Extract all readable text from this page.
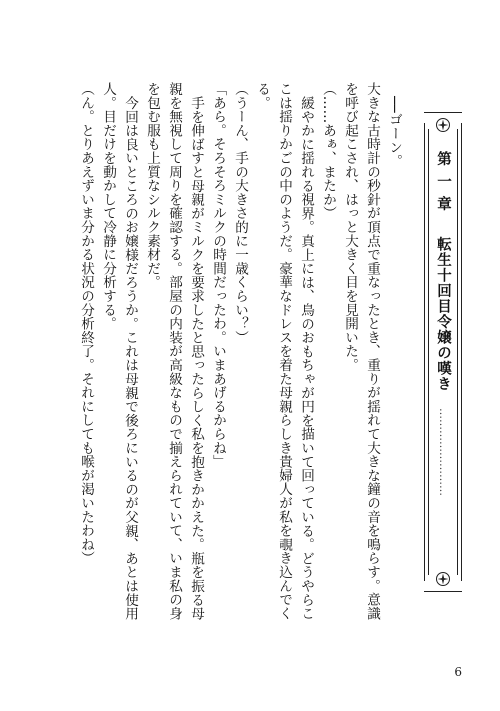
──ゴーン。

大きな古時計の秒針が頂点で重なったとき、重りが揺れて大きな鐘の音を鳴らす。意識を呼び起こされ、はっと大きく目を見開いた。

（……あぁ、またか）

緩やかに揺れる視界。真上には、鳥のおもちゃが円を描いて回っている。どうやらここは揺りかごの中のようだ。豪華なドレスを着た母親らしき貴婦人が私を覗き込んでくる。

（うーん、手の大きさ的に一歳くらい？）

「あら。そろそろミルクの時間だったわ。いまあげるからね」

手を伸ばすと母親がミルクを要求したと思ったらしく私を抱きかかえた。瓶を振る母親を無視して周りを確認する。部屋の内装が高級なもので揃えられていて、いま私の身を包む服も上質なシルク素材だ。

今回は良いところのお嬢様だろうか。これは母親で後ろにいるのが父親、あとは使用人。目だけを動かして冷静に分析する。

（ん。とりあえずいま分かる状況の分析終了。それにしても喉が渇いたわね）	第一章転生十回目令嬢の嘆き
……………………
6
